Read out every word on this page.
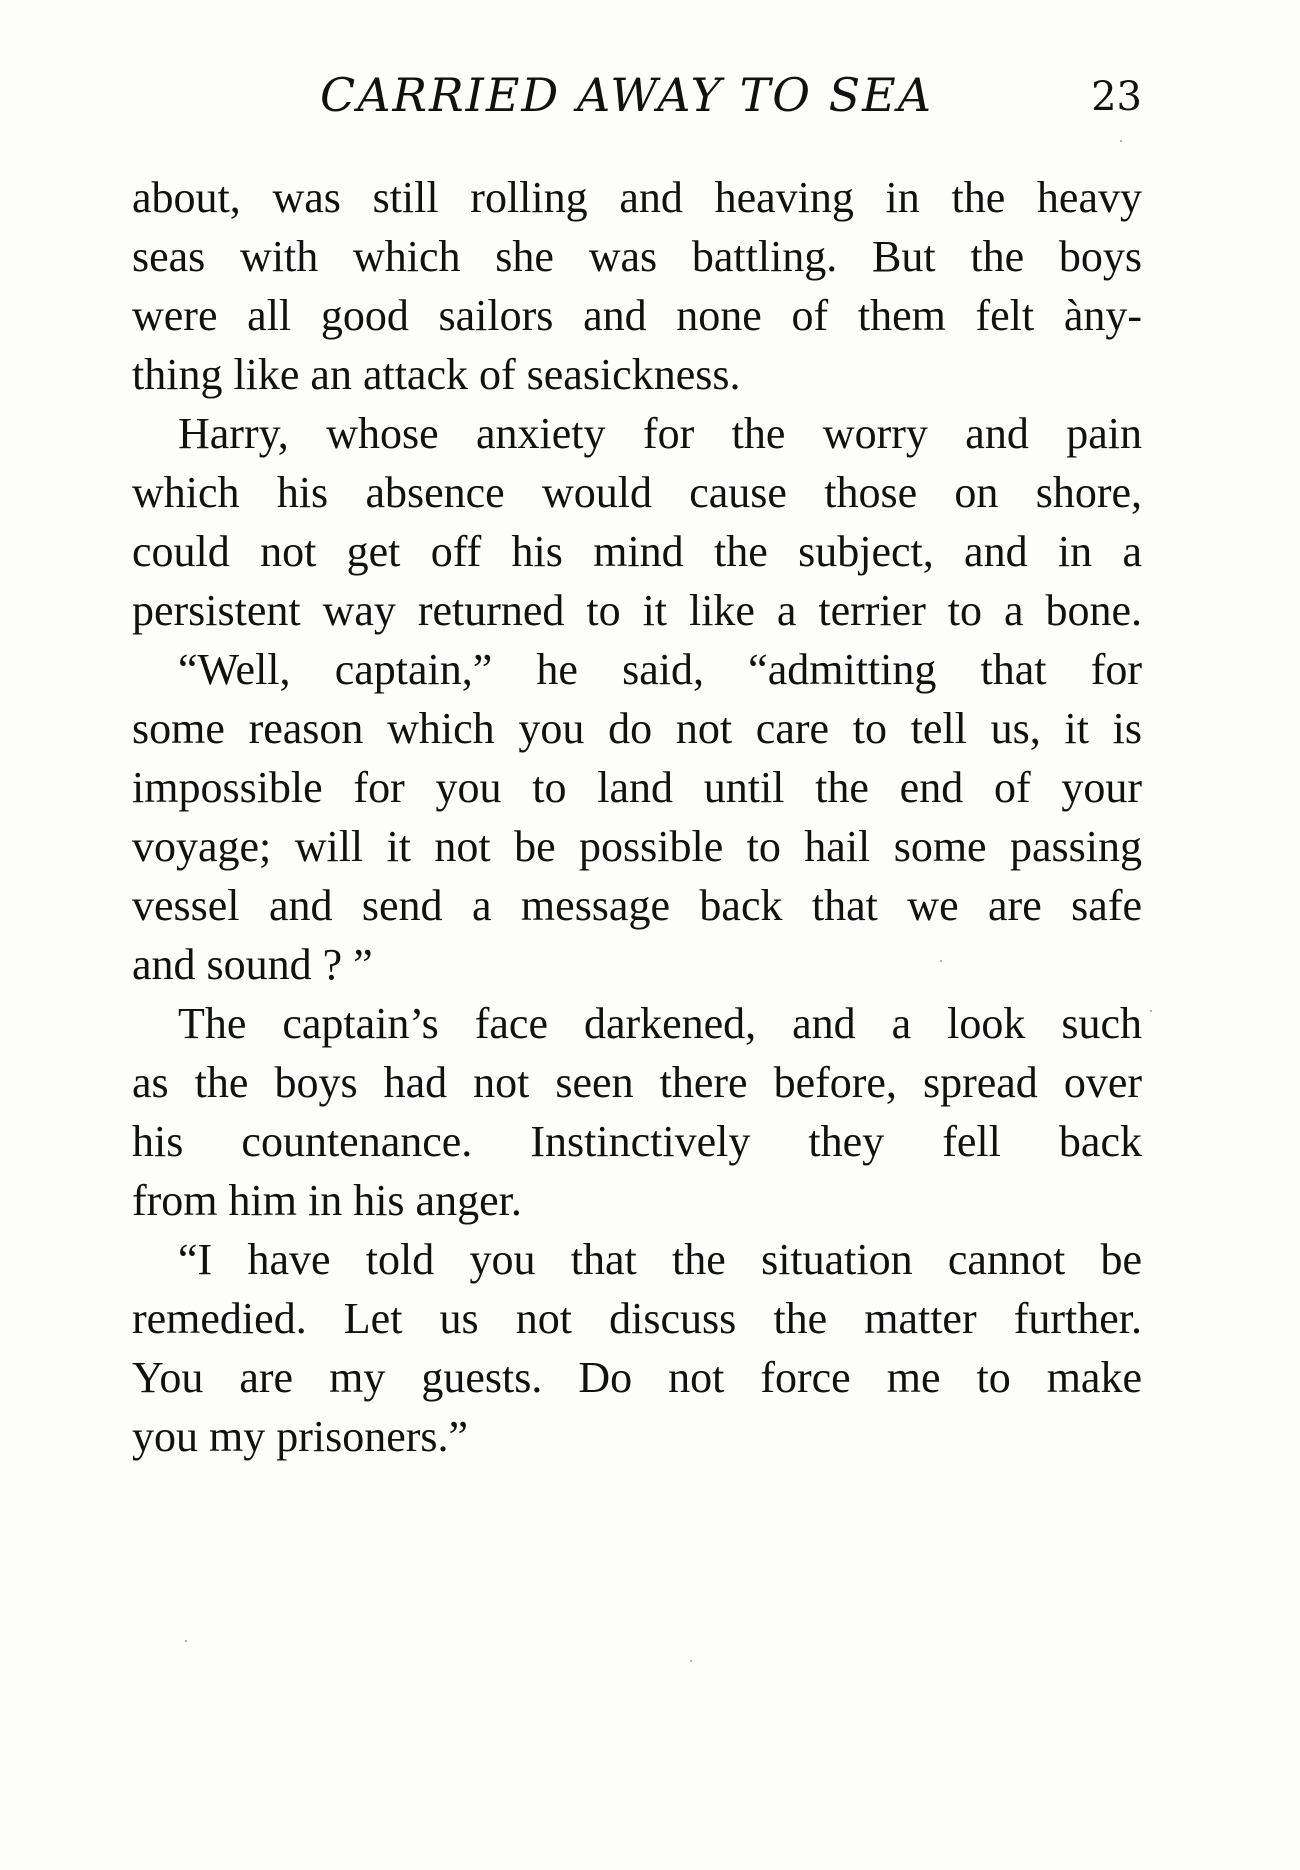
CARRIED AWAY TO SEA	23

about, was still rolling and heaving in the heavy
seas with which she was battling. But the boys
were all good sailors and none of them felt àny-
thing like an attack of seasickness.

Harry, whose anxiety for the worry and pain
which his absence would cause those on shore,
could not get off his mind the subject, and in a
persistent way returned to it like a terrier to a bone.

“Well, captain,” he said, “admitting that for
some reason which you do not care to tell us, it is
impossible for you to land until the end of your
voyage; will it not be possible to hail some passing
vessel and send a message back that we are safe
and sound ? ”

The captain’s face darkened, and a look such
as the boys had not seen there before, spread over
his countenance. Instinctively they fell back
from him in his anger.

“I have told you that the situation cannot be
remedied. Let us not discuss the matter further.
You are my guests. Do not force me to make
you my prisoners.”
